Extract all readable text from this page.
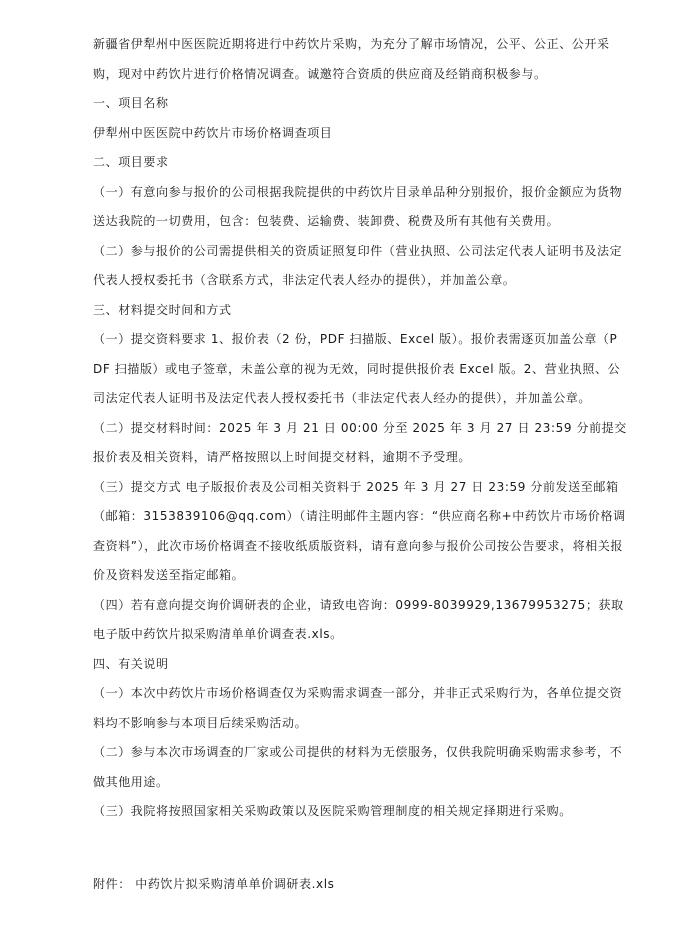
新疆省伊犁州中医医院近期将进行中药饮片采购，为充分了解市场情况，公平、公正、公开采购，现对中药饮片进行价格情况调查。诚邀符合资质的供应商及经销商积极参与。

一、项目名称

伊犁州中医医院中药饮片市场价格调查项目

二、项目要求

（一）有意向参与报价的公司根据我院提供的中药饮片目录单品种分别报价，报价金额应为货物送达我院的一切费用，包含：包装费、运输费、装卸费、税费及所有其他有关费用。

（二）参与报价的公司需提供相关的资质证照复印件（营业执照、公司法定代表人证明书及法定代表人授权委托书（含联系方式，非法定代表人经办的提供），并加盖公章。

三、材料提交时间和方式

（一）提交资料要求 1、报价表（2 份，PDF 扫描版、Excel 版）。报价表需逐页加盖公章（PDF 扫描版）或电子签章，未盖公章的视为无效，同时提供报价表 Excel 版。2、营业执照、公司法定代表人证明书及法定代表人授权委托书（非法定代表人经办的提供），并加盖公章。

（二）提交材料时间：2025 年 3 月 21 日 00:00 分至 2025 年 3 月 27 日 23:59 分前提交报价表及相关资料，请严格按照以上时间提交材料，逾期不予受理。

（三）提交方式 电子版报价表及公司相关资料于 2025 年 3 月 27 日 23:59 分前发送至邮箱（邮箱：3153839106@qq.com）（请注明邮件主题内容：“供应商名称+中药饮片市场价格调查资料”），此次市场价格调查不接收纸质版资料，请有意向参与报价公司按公告要求，将相关报价及资料发送至指定邮箱。

（四）若有意向提交询价调研表的企业，请致电咨询：0999-8039929,13679953275；获取电子版中药饮片拟采购清单单价调查表.xls。

四、有关说明

（一）本次中药饮片市场价格调查仅为采购需求调查一部分，并非正式采购行为，各单位提交资料均不影响参与本项目后续采购活动。

（二）参与本次市场调查的厂家或公司提供的材料为无偿服务，仅供我院明确采购需求参考，不做其他用途。

（三）我院将按照国家相关采购政策以及医院采购管理制度的相关规定择期进行采购。

附件： 中药饮片拟采购清单单价调研表.xls
